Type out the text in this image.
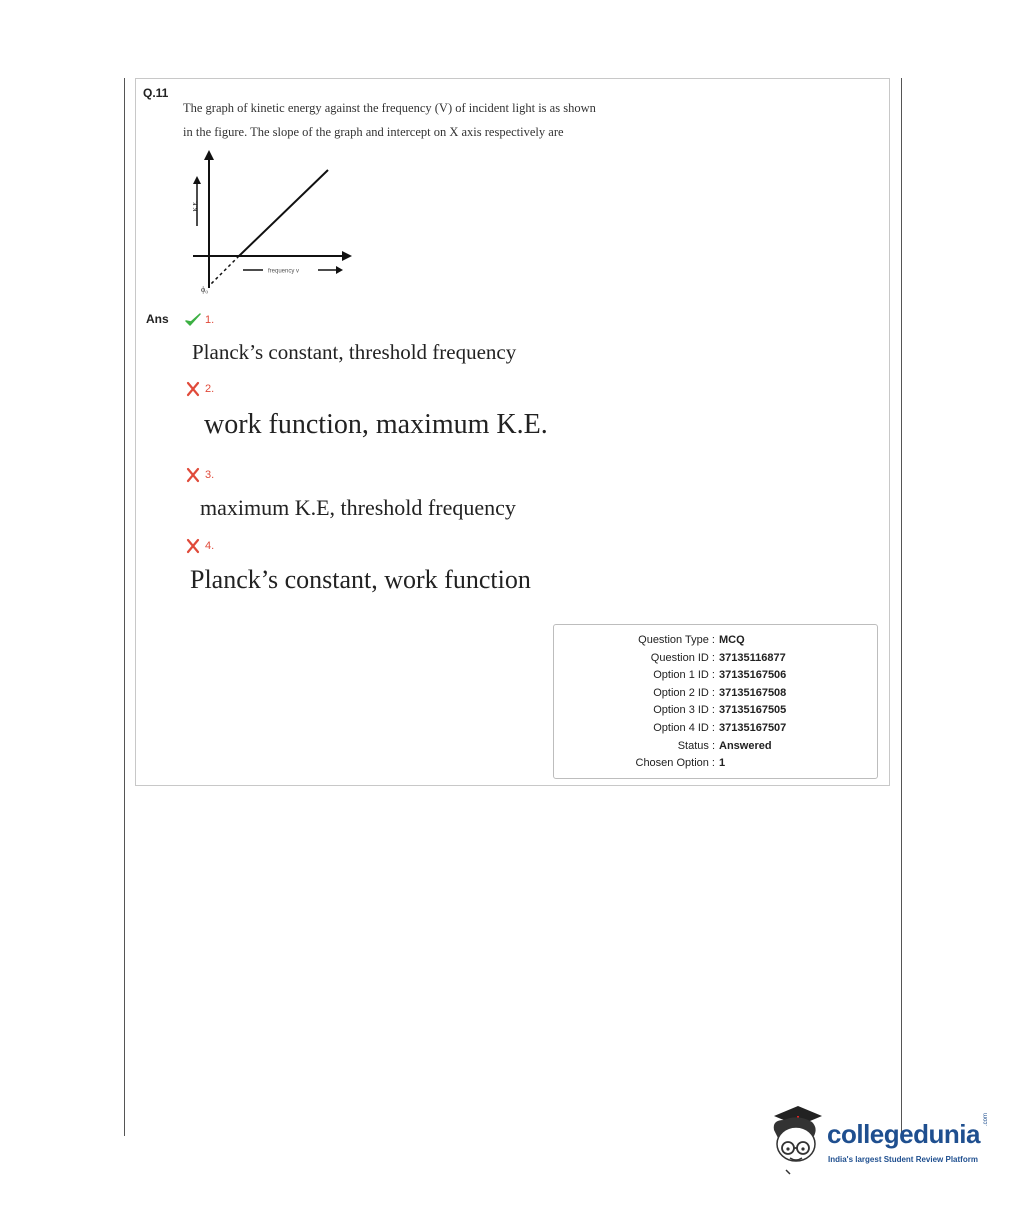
Q.11
The graph of kinetic energy against the frequency (V) of incident light is as shown
in the figure. The slope of the graph and intercept on X axis respectively are
K.E.
frequency v
ϕ₀
Ans	1.
Planck’s constant, threshold frequency
2.
work function, maximum K.E.
3.
maximum K.E, threshold frequency
4.
Planck’s constant, work function
Question Type : MCQ
Question ID : 37135116877
Option 1 ID : 37135167506
Option 2 ID : 37135167508
Option 3 ID : 37135167505
Option 4 ID : 37135167507
Status : Answered
Chosen Option : 1
collegedunia .com
India's largest Student Review Platform
